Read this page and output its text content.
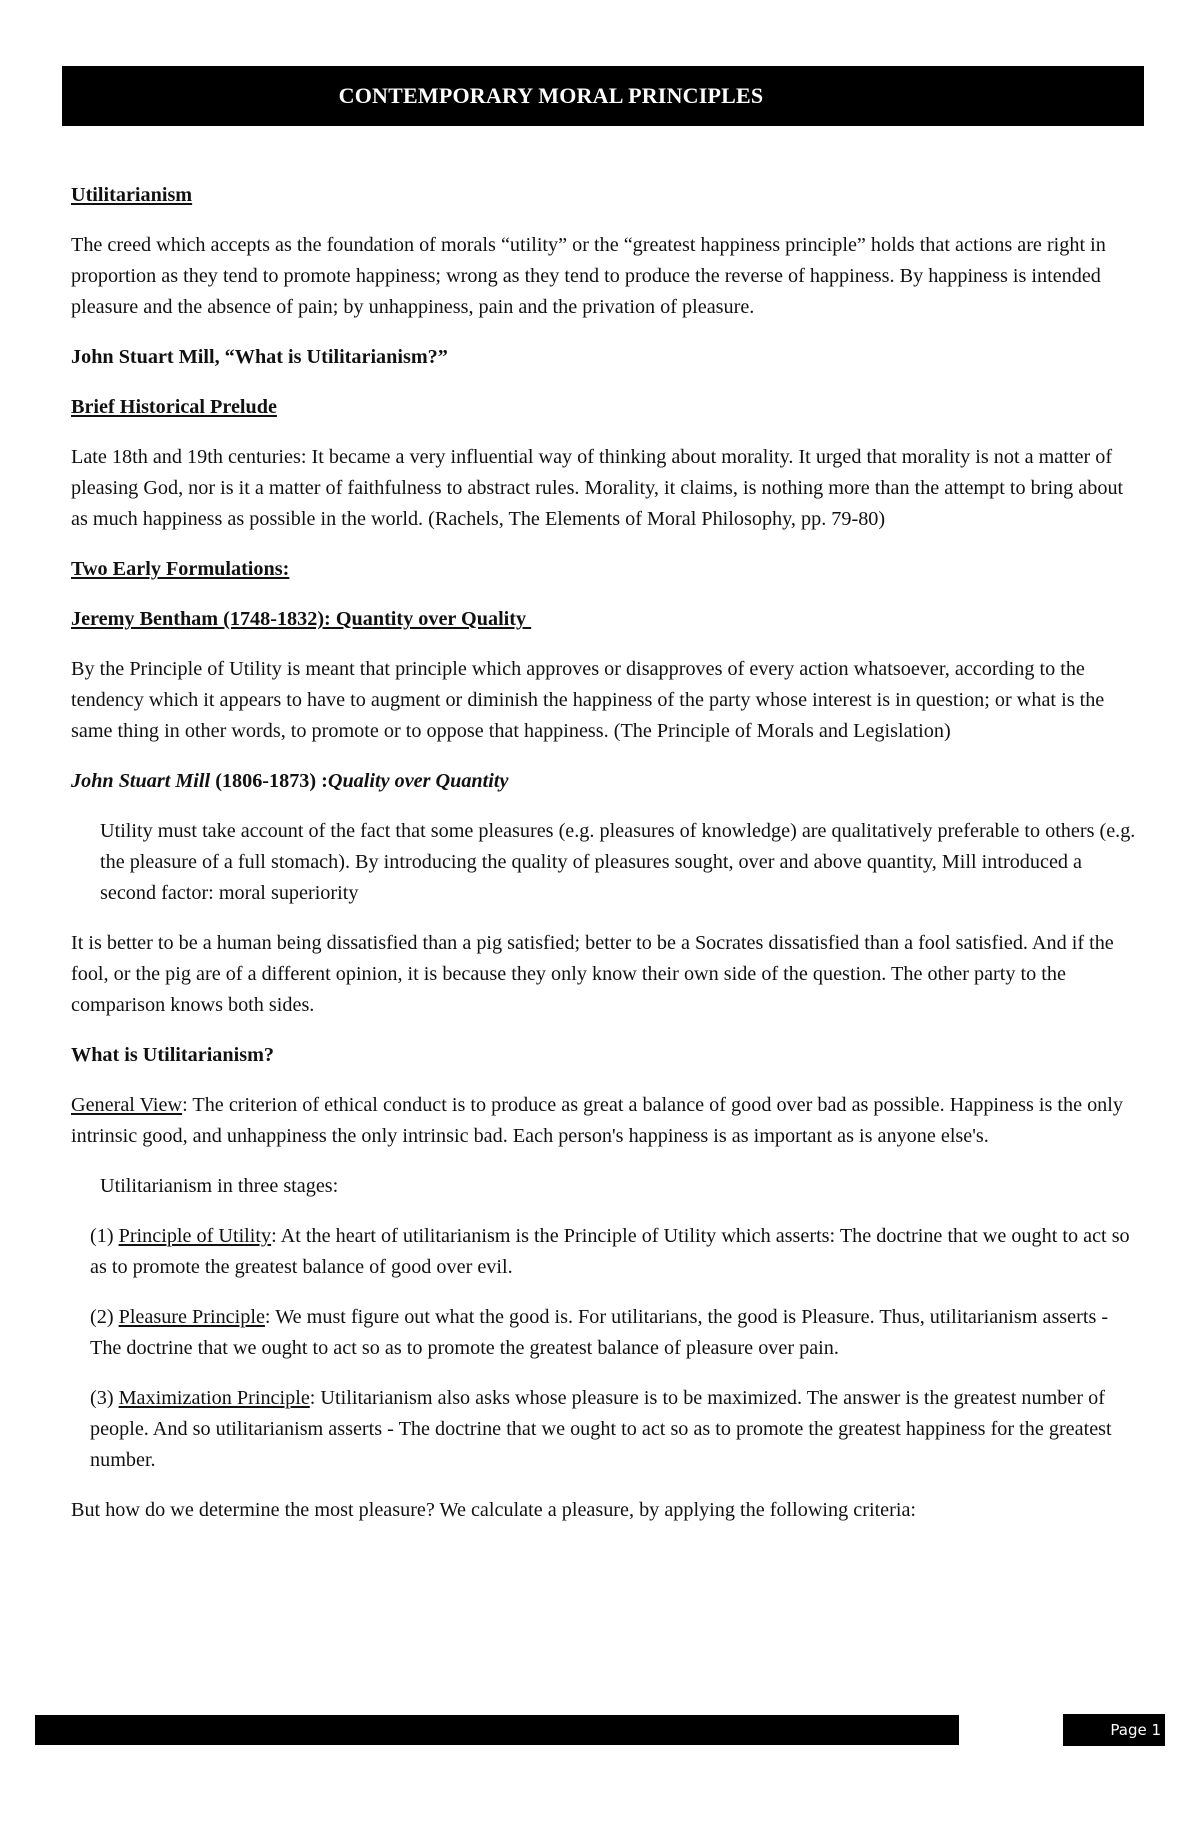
CONTEMPORARY MORAL PRINCIPLES

Utilitarianism

The creed which accepts as the foundation of morals “utility” or the “greatest happiness principle” holds that actions are right in proportion as they tend to promote happiness; wrong as they tend to produce the reverse of happiness. By happiness is intended pleasure and the absence of pain; by unhappiness, pain and the privation of pleasure.

John Stuart Mill, “What is Utilitarianism?”

Brief Historical Prelude

Late 18th and 19th centuries: It became a very influential way of thinking about morality. It urged that morality is not a matter of pleasing God, nor is it a matter of faithfulness to abstract rules. Morality, it claims, is nothing more than the attempt to bring about as much happiness as possible in the world. (Rachels, The Elements of Moral Philosophy, pp. 79-80)

Two Early Formulations:

Jeremy Bentham (1748-1832): Quantity over Quality

By the Principle of Utility is meant that principle which approves or disapproves of every action whatsoever, according to the tendency which it appears to have to augment or diminish the happiness of the party whose interest is in question; or what is the same thing in other words, to promote or to oppose that happiness. (The Principle of Morals and Legislation)

John Stuart Mill (1806-1873) :Quality over Quantity

Utility must take account of the fact that some pleasures (e.g. pleasures of knowledge) are qualitatively preferable to others (e.g. the pleasure of a full stomach). By introducing the quality of pleasures sought, over and above quantity, Mill introduced a second factor: moral superiority

It is better to be a human being dissatisfied than a pig satisfied; better to be a Socrates dissatisfied than a fool satisfied. And if the fool, or the pig are of a different opinion, it is because they only know their own side of the question. The other party to the comparison knows both sides.

What is Utilitarianism?

General View: The criterion of ethical conduct is to produce as great a balance of good over bad as possible. Happiness is the only intrinsic good, and unhappiness the only intrinsic bad. Each person's happiness is as important as is anyone else's.

Utilitarianism in three stages:

(1) Principle of Utility: At the heart of utilitarianism is the Principle of Utility which asserts: The doctrine that we ought to act so as to promote the greatest balance of good over evil.

(2) Pleasure Principle: We must figure out what the good is. For utilitarians, the good is Pleasure. Thus, utilitarianism asserts - The doctrine that we ought to act so as to promote the greatest balance of pleasure over pain.

(3) Maximization Principle: Utilitarianism also asks whose pleasure is to be maximized. The answer is the greatest number of people. And so utilitarianism asserts - The doctrine that we ought to act so as to promote the greatest happiness for the greatest number.

But how do we determine the most pleasure? We calculate a pleasure, by applying the following criteria:

Page 1
